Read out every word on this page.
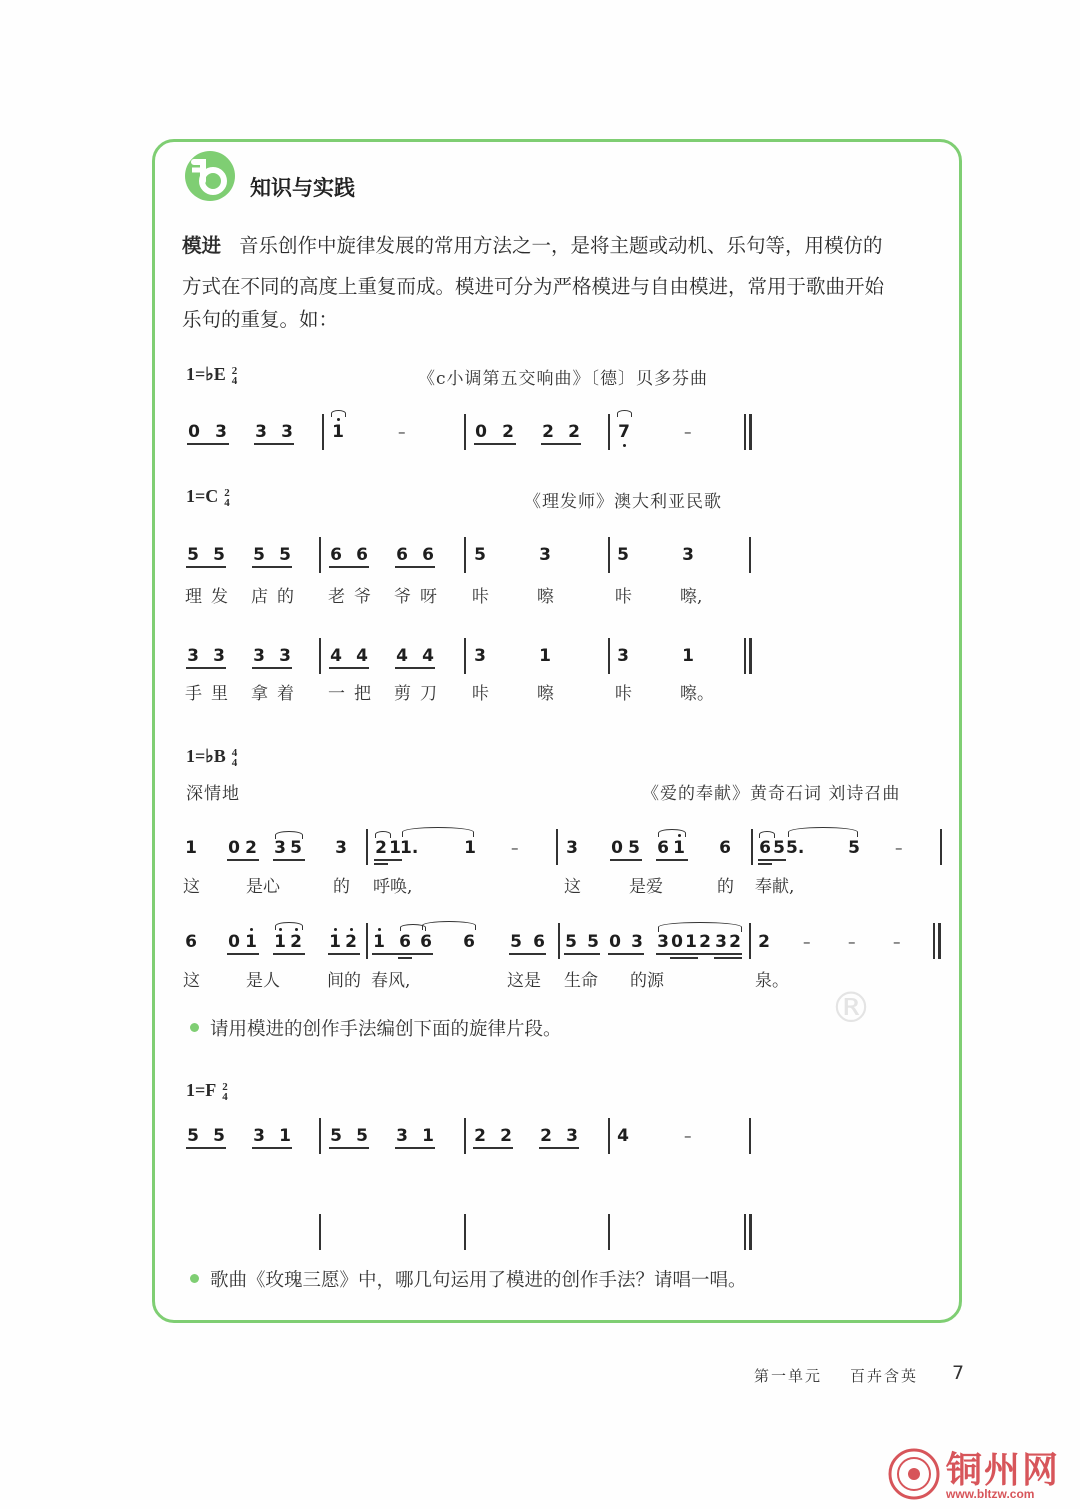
知识与实践
模进 音乐创作中旋律发展的常用方法之一，是将主题或动机、乐句等，用模仿的
方式在不同的高度上重复而成。模进可分为严格模进与自由模进，常用于歌曲开始
乐句的重复。如：
1=♭E 2
4	《c小调第五交响曲》〔德〕贝多芬曲
0 3 3 3 1	–	0 2 2 2 7	–
1=C 2
4	《理发师》澳大利亚民歌
5 5 5 5 6 6 6 6 5	3	5	3
理 发 店 的 老 爷 爷 呀 咔	嚓	咔	嚓,
3 3 3 3 4 4 4 4 3	1	3	1
手 里 拿 着 一 把 剪 刀 咔	嚓	咔	嚓。
1=♭B 4
4
深情地	《爱的奉献》黄奇石词 刘诗召曲
1 0 2 3 5 3 2 1 1.	1 –	3 0 5 6 1 6 6 5 5.	5 –
这	是心	的 呼唤,	这	是爱	的 奉献,
6 0 1 1 2 1 2 1 6 6 6 5 6 5 5 0 3 3 0 1 2 3 2 2 –	–	–
这	是人	间的 春风,	这是 生命 的源	泉。
®
请用模进的创作手法编创下面的旋律片段。
1=F 2
4
5 5 3 1 5 5 3 1 2 2 2 3 4	–
歌曲《玫瑰三愿》中，哪几句运用了模进的创作手法？请唱一唱。
第一单元 百卉含英 7
铜州网
www.bltzw.com
